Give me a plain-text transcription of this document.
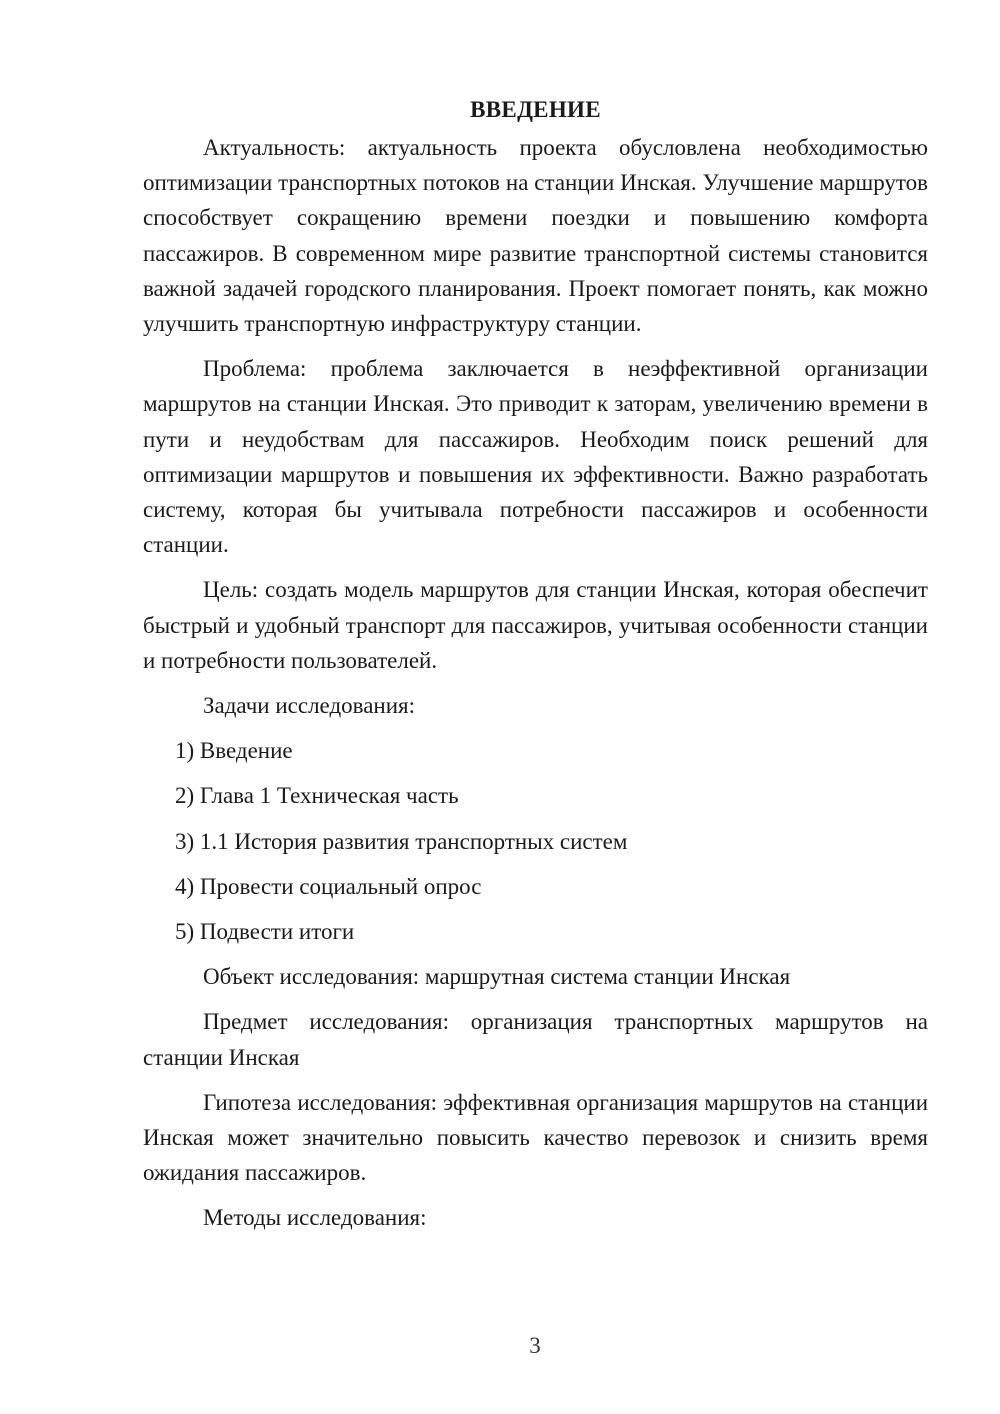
ВВЕДЕНИЕ

Актуальность: актуальность проекта обусловлена необходимостью оптимизации транспортных потоков на станции Инская. Улучшение маршрутов способствует сокращению времени поездки и повышению комфорта пассажиров. В современном мире развитие транспортной системы становится важной задачей городского планирования. Проект помогает понять, как можно улучшить транспортную инфраструктуру станции.

Проблема: проблема заключается в неэффективной организации маршрутов на станции Инская. Это приводит к заторам, увеличению времени в пути и неудобствам для пассажиров. Необходим поиск решений для оптимизации маршрутов и повышения их эффективности. Важно разработать систему, которая бы учитывала потребности пассажиров и особенности станции.

Цель: создать модель маршрутов для станции Инская, которая обеспечит быстрый и удобный транспорт для пассажиров, учитывая особенности станции и потребности пользователей.

Задачи исследования:

1) Введение
2) Глава 1 Техническая часть
3) 1.1 История развития транспортных систем
4) Провести социальный опрос
5) Подвести итоги

Объект исследования: маршрутная система станции Инская

Предмет исследования: организация транспортных маршрутов на станции Инская

Гипотеза исследования: эффективная организация маршрутов на станции Инская может значительно повысить качество перевозок и снизить время ожидания пассажиров.

Методы исследования:

3
